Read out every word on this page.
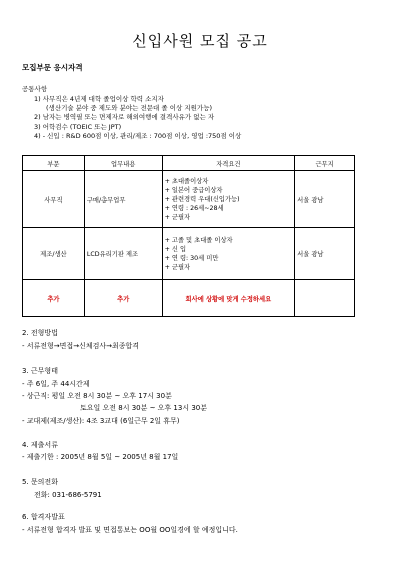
신입사원 모집 공고
모집부문 응시자격
공통사항
1) 사무직은 4년제 대학 졸업이상 학력 소지자
(생산기술 분야 중 제도와 분야는 전문대 졸 이상 지원가능)
2) 남자는 병역필 또는 면제자로 해외여행에 결격사유가 없는 자
3) 어학검수 (TOEIC 또는 JPT)
4) - 신입 : R&D 600점 이상, 관리/제조 : 700점 이상, 영업 :750점 이상
부문	업무내용	자격요건	근무지
사무직	구매/총무업무	+ 초대졸이상자
+ 일본어 중급이상자
+ 관련경력 우대(신입가능)
+ 연령 : 26세~28세
+ 군필자	서울 광남
제조/생산	LCD유리기판 제조	+ 고졸 및 초대졸 이상자
+ 신 입
+ 연 령: 30세 미만
+ 군필자	서울 광남
추가	추가	회사에 상황에 맞게 수정하세요	
2. 전형방법
- 서류전형→면접→신체검사→최종합격
3. 근무형태
- 주 6일, 주 44시간제
- 상근직: 평일 오전 8시 30분 ~ 오후 17시 30분
토요일 오전 8시 30분 ~ 오후 13시 30분
- 교대제(제조/생산): 4조 3교대 (6일근무 2일 휴무)
4. 제출서류
- 제출기한 : 2005년 8월 5일 ~ 2005년 8월 17일
5. 문의전화
전화: 031-686-5791
6. 합격자발표
- 서류전형 합격자 발표 및 면접통보는 OO월 OO일경에 할 예정입니다.
